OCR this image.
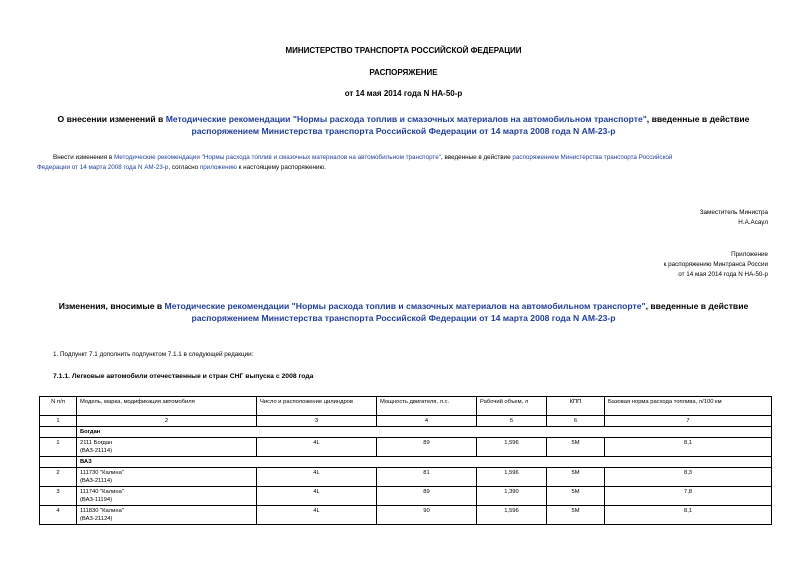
МИНИСТЕРСТВО ТРАНСПОРТА РОССИЙСКОЙ ФЕДЕРАЦИИ
РАСПОРЯЖЕНИЕ
от 14 мая 2014 года N НА-50-р
О внесении изменений в Методические рекомендации "Нормы расхода топлив и смазочных материалов на автомобильном транспорте", введенные в действие
распоряжением Министерства транспорта Российской Федерации от 14 марта 2008 года N АМ-23-р
Внести изменения в Методические рекомендации "Нормы расхода топлив и смазочных материалов на автомобильном транспорте", введенные в действие распоряжением Министерства транспорта Российской
Федерации от 14 марта 2008 года N АМ-23-р, согласно приложению к настоящему распоряжению.
Заместитель Министра
Н.А.Асаул
Приложение
к распоряжению Минтранса России
от 14 мая 2014 года N НА-50-р
Изменения, вносимые в Методические рекомендации "Нормы расхода топлив и смазочных материалов на автомобильном транспорте", введенные в действие
распоряжением Министерства транспорта Российской Федерации от 14 марта 2008 года N АМ-23-р
1. Подпункт 7.1 дополнить подпунктом 7.1.1 в следующей редакции:
7.1.1. Легковые автомобили отечественные и стран СНГ выпуска с 2008 года
N п/п	Модель, марка, модификация автомобиля	Число и расположение цилиндров	Мощность двигателя, л.с.	Рабочий объем, л	КПП	Базовая норма расхода топлива, л/100 км
1	2	3	4	5	6	7
	Богдан					
1	2111 Богдан
(ВАЗ-21114)	4L	89	1,596	5М	8,1
	ВАЗ					
2	111730 "Калина"
(ВАЗ-21114)	4L	81	1,596	5М	8,3
3	111740 "Калина"
(ВАЗ-11194)	4L	89	1,390	5М	7,8
4	111830 "Калина"
(ВАЗ-21124)	4L	90	1,596	5М	8,1
